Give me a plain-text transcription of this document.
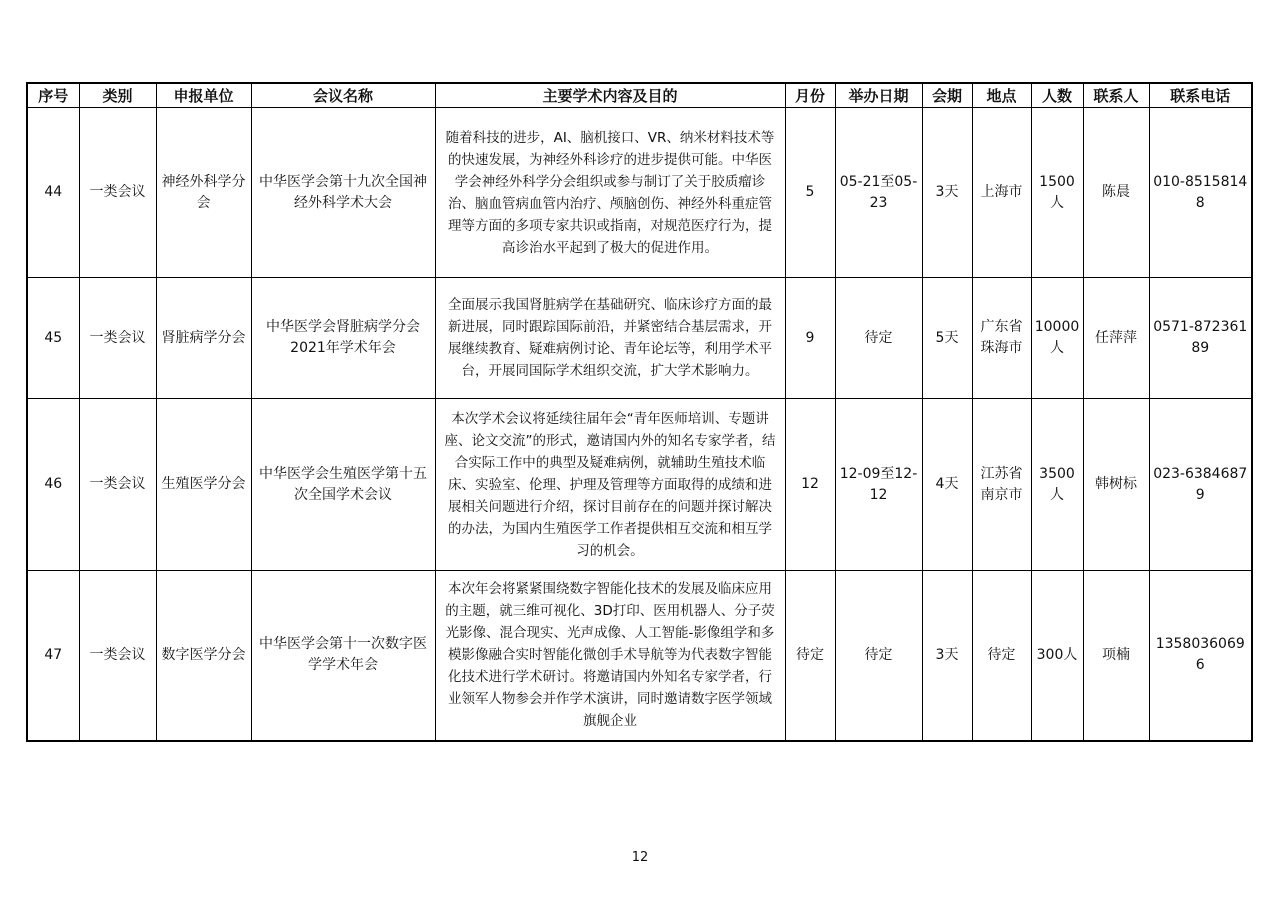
序号	类别	申报单位	会议名称	主要学术内容及目的	月份	举办日期	会期	地点	人数	联系人	联系电话
44	一类会议	神经外科学分会	中华医学会第十九次全国神经外科学术大会	随着科技的进步，AI、脑机接口、VR、纳米材料技术等的快速发展，为神经外科诊疗的进步提供可能。中华医学会神经外科学分会组织或参与制订了关于胶质瘤诊治、脑血管病血管内治疗、颅脑创伤、神经外科重症管理等方面的多项专家共识或指南，对规范医疗行为，提高诊治水平起到了极大的促进作用。	5	05-21至05-23	3天	上海市	1500人	陈晨	010-85158148
45	一类会议	肾脏病学分会	中华医学会肾脏病学分会2021年学术年会	全面展示我国肾脏病学在基础研究、临床诊疗方面的最新进展，同时跟踪国际前沿，并紧密结合基层需求，开展继续教育、疑难病例讨论、青年论坛等，利用学术平台，开展同国际学术组织交流，扩大学术影响力。	9	待定	5天	广东省珠海市	10000人	任萍萍	0571-87236189
46	一类会议	生殖医学分会	中华医学会生殖医学第十五次全国学术会议	本次学术会议将延续往届年会“青年医师培训、专题讲座、论文交流”的形式，邀请国内外的知名专家学者，结合实际工作中的典型及疑难病例，就辅助生殖技术临床、实验室、伦理、护理及管理等方面取得的成绩和进展相关问题进行介绍，探讨目前存在的问题并探讨解决的办法，为国内生殖医学工作者提供相互交流和相互学习的机会。	12	12-09至12-12	4天	江苏省南京市	3500人	韩树标	023-63846879
47	一类会议	数字医学分会	中华医学会第十一次数字医学学术年会	本次年会将紧紧围绕数字智能化技术的发展及临床应用的主题，就三维可视化、3D打印、医用机器人、分子荧光影像、混合现实、光声成像、人工智能-影像组学和多模影像融合实时智能化微创手术导航等为代表数字智能化技术进行学术研讨。将邀请国内外知名专家学者，行业领军人物参会并作学术演讲，同时邀请数字医学领域旗舰企业	待定	待定	3天	待定	300人	项楠	13580360696
12
